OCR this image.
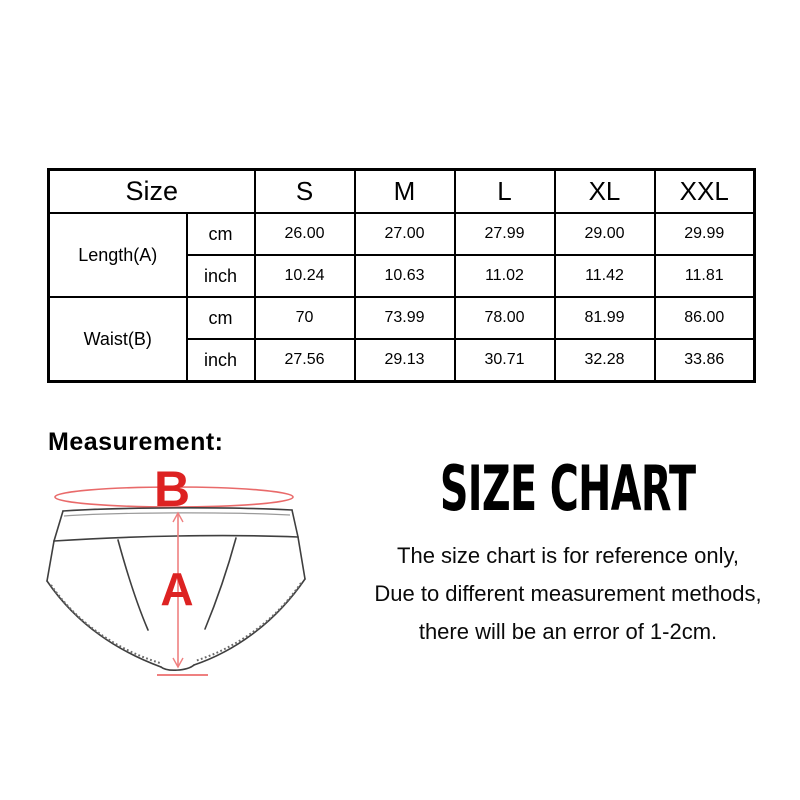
Size		S	M	L	XL	XXL
Length(A)	cm	26.00	27.00	27.99	29.00	29.99
	inch	10.24	10.63	11.02	11.42	11.81
Waist(B)	cm	70	73.99	78.00	81.99	86.00
	inch	27.56	29.13	30.71	32.28	33.86
Measurement:
B
A
SIZE CHART
The size chart is for reference only,
Due to different measurement methods,
there will be an error of 1-2cm.
